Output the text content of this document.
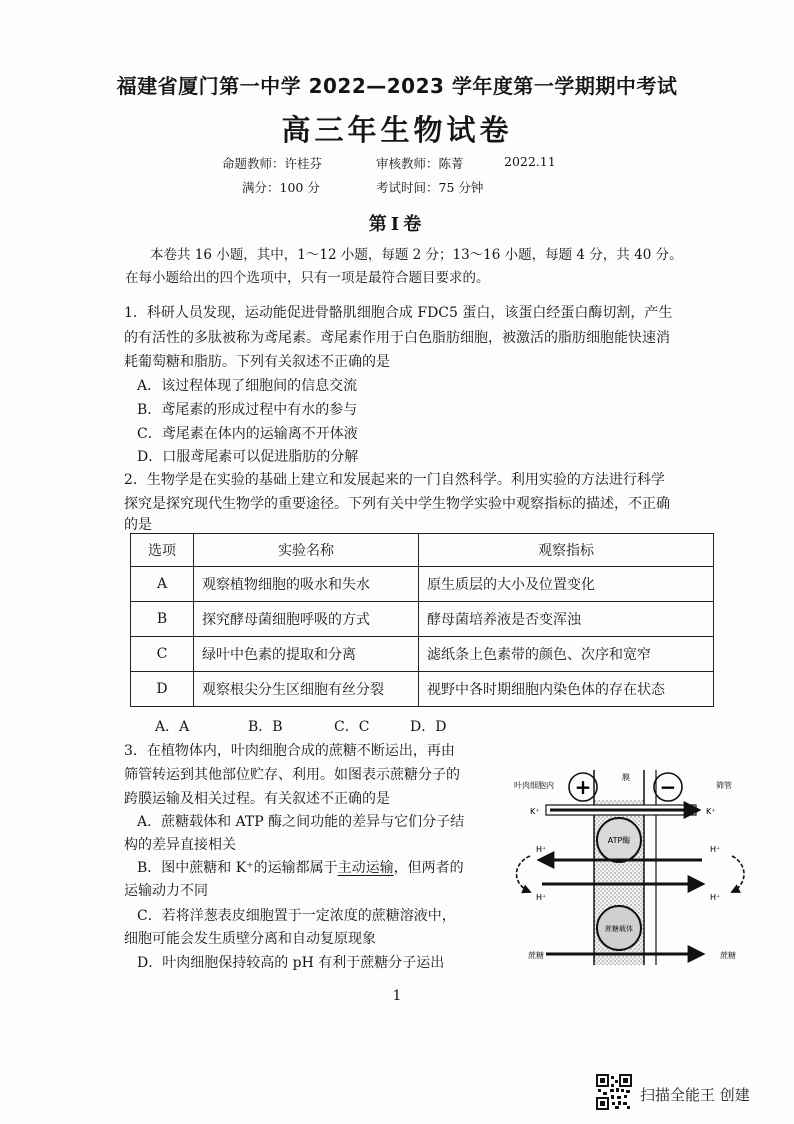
福建省厦门第一中学 2022—2023 学年度第一学期期中考试
高三年生物试卷
命题教师：许桂芬	审核教师：陈菁	2022.11
满分：100 分	考试时间：75 分钟
第Ⅰ卷
本卷共 16 小题，其中，1～12 小题，每题 2 分；13～16 小题，每题 4 分，共 40 分。
在每小题给出的四个选项中，只有一项是最符合题目要求的。
1．科研人员发现，运动能促进骨骼肌细胞合成 FDC5 蛋白，该蛋白经蛋白酶切割，产生
的有活性的多肽被称为鸢尾素。鸢尾素作用于白色脂肪细胞，被激活的脂肪细胞能快速消
耗葡萄糖和脂肪。下列有关叙述不正确的是
A．该过程体现了细胞间的信息交流
B．鸢尾素的形成过程中有水的参与
C．鸢尾素在体内的运输离不开体液
D．口服鸢尾素可以促进脂肪的分解
2．生物学是在实验的基础上建立和发展起来的一门自然科学。利用实验的方法进行科学
探究是探究现代生物学的重要途径。下列有关中学生物学实验中观察指标的描述，不正确
的是
选项	实验名称	观察指标
A	观察植物细胞的吸水和失水	原生质层的大小及位置变化
B	探究酵母菌细胞呼吸的方式	酵母菌培养液是否变浑浊
C	绿叶中色素的提取和分离	滤纸条上色素带的颜色、次序和宽窄
D	观察根尖分生区细胞有丝分裂	视野中各时期细胞内染色体的存在状态
A．A	B．B	C．C	D．D
3．在植物体内，叶肉细胞合成的蔗糖不断运出，再由
筛管转运到其他部位贮存、利用。如图表示蔗糖分子的
跨膜运输及相关过程。有关叙述不正确的是
A．蔗糖载体和 ATP 酶之间功能的差异与它们分子结
构的差异直接相关
B．图中蔗糖和 K⁺的运输都属于主动运输，但两者的
运输动力不同
C．若将洋葱表皮细胞置于一定浓度的蔗糖溶液中，
细胞可能会发生质壁分离和自动复原现象
D．叶肉细胞保持较高的 pH 有利于蔗糖分子运出
叶肉细胞内
膜
筛管
+	−
K⁺	K⁺
ATP酶
H⁺	H⁺
H⁺	H⁺
蔗糖载体
蔗糖	蔗糖
1
扫描全能王 创建
